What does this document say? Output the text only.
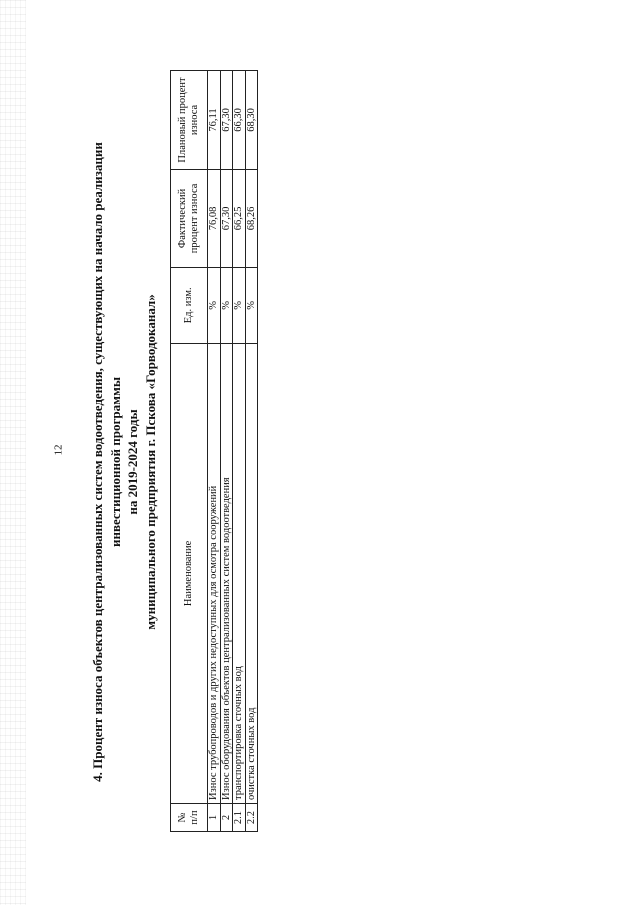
12 4. Процент износа объектов централизованных систем водоотведения, существующих на начало реализации инвестиционной программы на 2019-2024 годы муниципального предприятия г. Пскова «Горводоканал»
№ п/п	Наименование	Ед. изм.	Фактический процент износа	Плановый процент износа
1	Износ трубопроводов и других недоступных для осмотра сооружений	%	76,08	76,11
2	Износ оборудования объектов централизованных систем водоотведения	%	67,30	67,30
2.1	транспортировка сточных вод	%	66,25	66,30
2.2	очистка сточных вод	%	68,26	68,30
